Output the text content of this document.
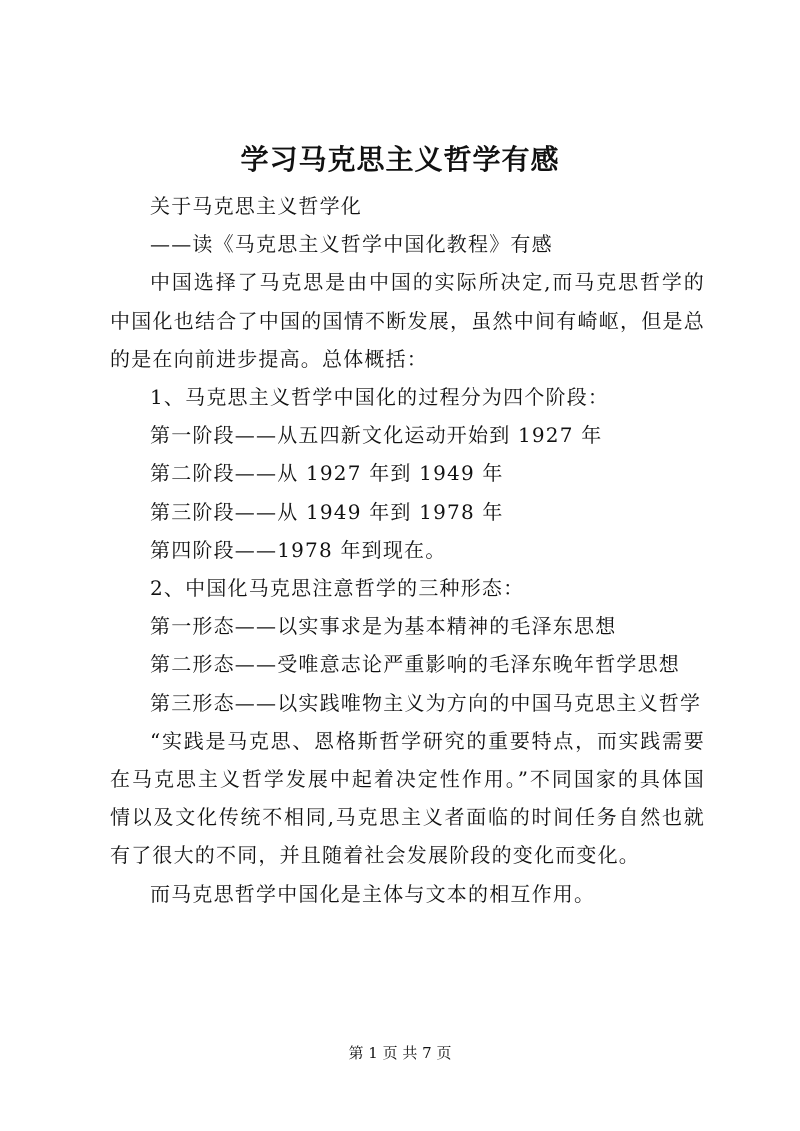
学习马克思主义哲学有感

关于马克思主义哲学化

——读《马克思主义哲学中国化教程》有感

中国选择了马克思是由中国的实际所决定,而马克思哲学的中国化也结合了中国的国情不断发展，虽然中间有崎岖，但是总的是在向前进步提高。总体概括：

1、马克思主义哲学中国化的过程分为四个阶段：

第一阶段——从五四新文化运动开始到 1927 年

第二阶段——从 1927 年到 1949 年

第三阶段——从 1949 年到 1978 年

第四阶段——1978 年到现在。

2、中国化马克思注意哲学的三种形态：

第一形态——以实事求是为基本精神的毛泽东思想

第二形态——受唯意志论严重影响的毛泽东晚年哲学思想

第三形态——以实践唯物主义为方向的中国马克思主义哲学

“实践是马克思、恩格斯哲学研究的重要特点，而实践需要在马克思主义哲学发展中起着决定性作用。”不同国家的具体国情以及文化传统不相同,马克思主义者面临的时间任务自然也就有了很大的不同，并且随着社会发展阶段的变化而变化。

而马克思哲学中国化是主体与文本的相互作用。

第 1 页 共 7 页
